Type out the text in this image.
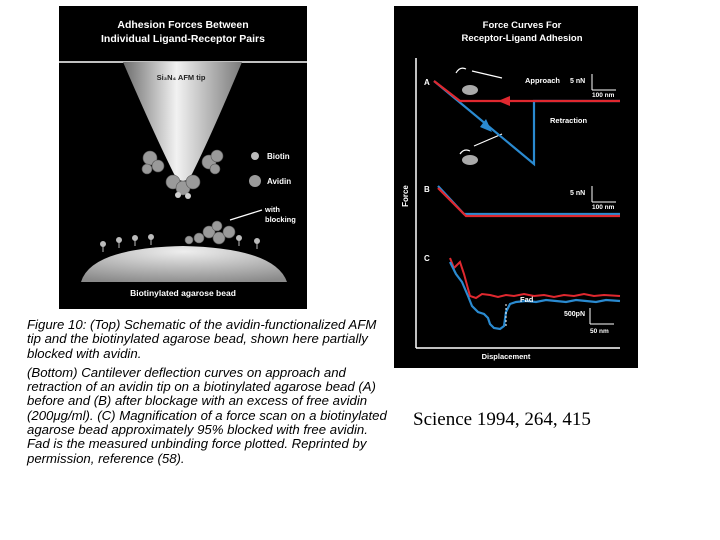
Adhesion Forces Between
Individual Ligand-Receptor Pairs
Si₃N₄ AFM tip
Biotin
Avidin
with
blocking
Biotinylated agarose bead
Force Curves For
Receptor-Ligand Adhesion
Force
Displacement
A	Approach
Retraction
5 nN
100 nm
B	5 nN
100 nm
C
Fad
500pN
50 nm

Figure 10: (Top) Schematic of the avidin-functionalized AFM tip and the biotinylated agarose bead, shown here partially blocked with avidin.

(Bottom) Cantilever deflection curves on approach and retraction of an avidin tip on a biotinylated agarose bead (A) before and (B) after blockage with an excess of free avidin (200μg/ml). (C) Magnification of a force scan on a biotinylated agarose bead approximately 95% blocked with free avidin. Fad is the measured unbinding force plotted. Reprinted by permission, reference (58).

Science 1994, 264, 415
